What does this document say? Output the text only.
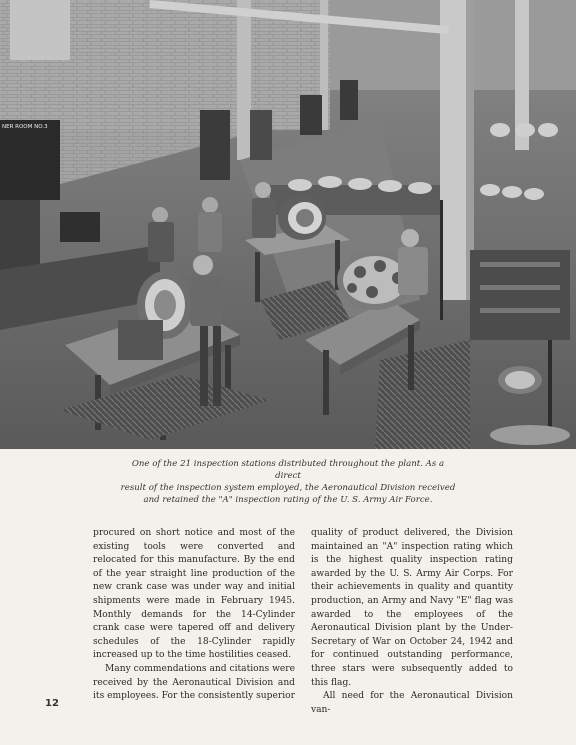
NER ROOM NO.3
One of the 21 inspection stations distributed throughout the plant. As a direct
result of the inspection system employed, the Aeronautical Division received
and retained the "A" inspection rating of the U. S. Army Air Force.

procured on short notice and most of the existing tools were converted and relocated for this manufacture. By the end of the year straight line production of the new crank case was under way and initial shipments were made in February 1945. Monthly demands for the 14-Cylinder crank case were tapered off and delivery schedules of the 18-Cylinder rapidly increased up to the time hostilities ceased.

Many commendations and citations were received by the Aeronautical Division and its employees. For the consistently superior

quality of product delivered, the Division maintained an "A" inspection rating which is the highest quality inspection rating awarded by the U. S. Army Air Corps. For their achievements in quality and quantity production, an Army and Navy "E" flag was awarded to the employees of the Aeronautical Division plant by the Under-Secretary of War on October 24, 1942 and for continued outstanding performance, three stars were subsequently added to this flag.

All need for the Aeronautical Division van-

12
